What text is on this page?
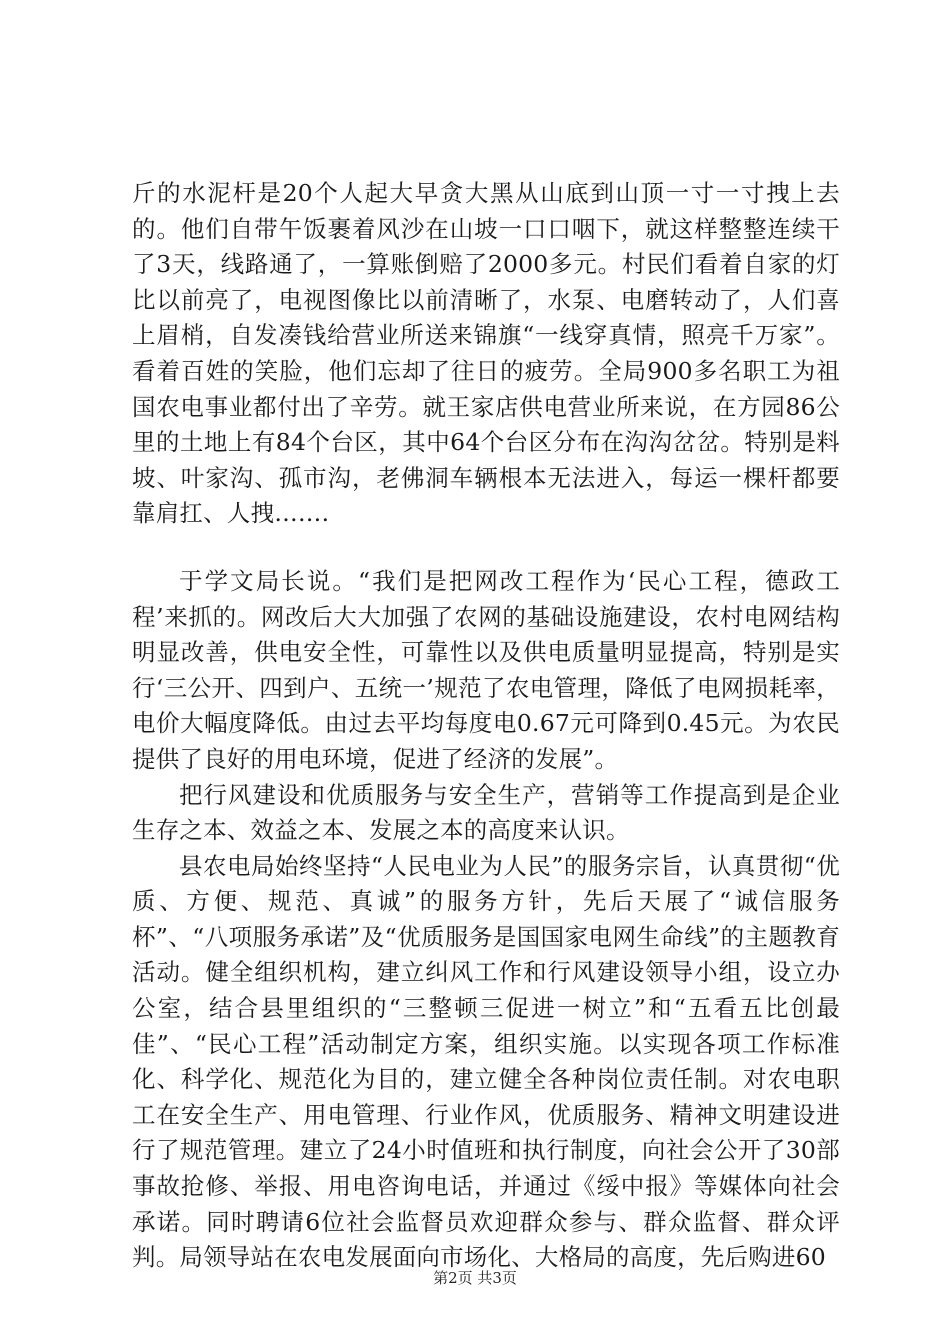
斤的水泥杆是20个人起大早贪大黑从山底到山顶一寸一寸拽上去的。他们自带午饭裹着风沙在山坡一口口咽下，就这样整整连续干了3天，线路通了，一算账倒赔了2000多元。村民们看着自家的灯比以前亮了，电视图像比以前清晰了，水泵、电磨转动了，人们喜上眉梢，自发凑钱给营业所送来锦旗“一线穿真情，照亮千万家”。看着百姓的笑脸，他们忘却了往日的疲劳。全局900多名职工为祖国农电事业都付出了辛劳。就王家店供电营业所来说，在方园86公里的土地上有84个台区，其中64个台区分布在沟沟岔岔。特别是料坡、叶家沟、孤市沟，老佛洞车辆根本无法进入，每运一棵杆都要靠肩扛、人拽…….

于学文局长说。“我们是把网改工程作为‘民心工程，德政工程’来抓的。网改后大大加强了农网的基础设施建设，农村电网结构明显改善，供电安全性，可靠性以及供电质量明显提高，特别是实行‘三公开、四到户、五统一’规范了农电管理，降低了电网损耗率，电价大幅度降低。由过去平均每度电0.67元可降到0.45元。为农民提供了良好的用电环境，促进了经济的发展”。

把行风建设和优质服务与安全生产，营销等工作提高到是企业生存之本、效益之本、发展之本的高度来认识。

县农电局始终坚持“人民电业为人民”的服务宗旨，认真贯彻“优质、方便、规范、真诚”的服务方针，先后天展了“诚信服务杯”、“八项服务承诺”及“优质服务是国国家电网生命线”的主题教育活动。健全组织机构，建立纠风工作和行风建设领导小组，设立办公室，结合县里组织的“三整顿三促进一树立”和“五看五比创最佳”、“民心工程”活动制定方案，组织实施。以实现各项工作标准化、科学化、规范化为目的，建立健全各种岗位责任制。对农电职工在安全生产、用电管理、行业作风，优质服务、精神文明建设进行了规范管理。建立了24小时值班和执行制度，向社会公开了30部事故抢修、举报、用电咨询电话，并通过《绥中报》等媒体向社会承诺。同时聘请6位社会监督员欢迎群众参与、群众监督、群众评判。局领导站在农电发展面向市场化、大格局的高度，先后购进60

第2页 共3页
